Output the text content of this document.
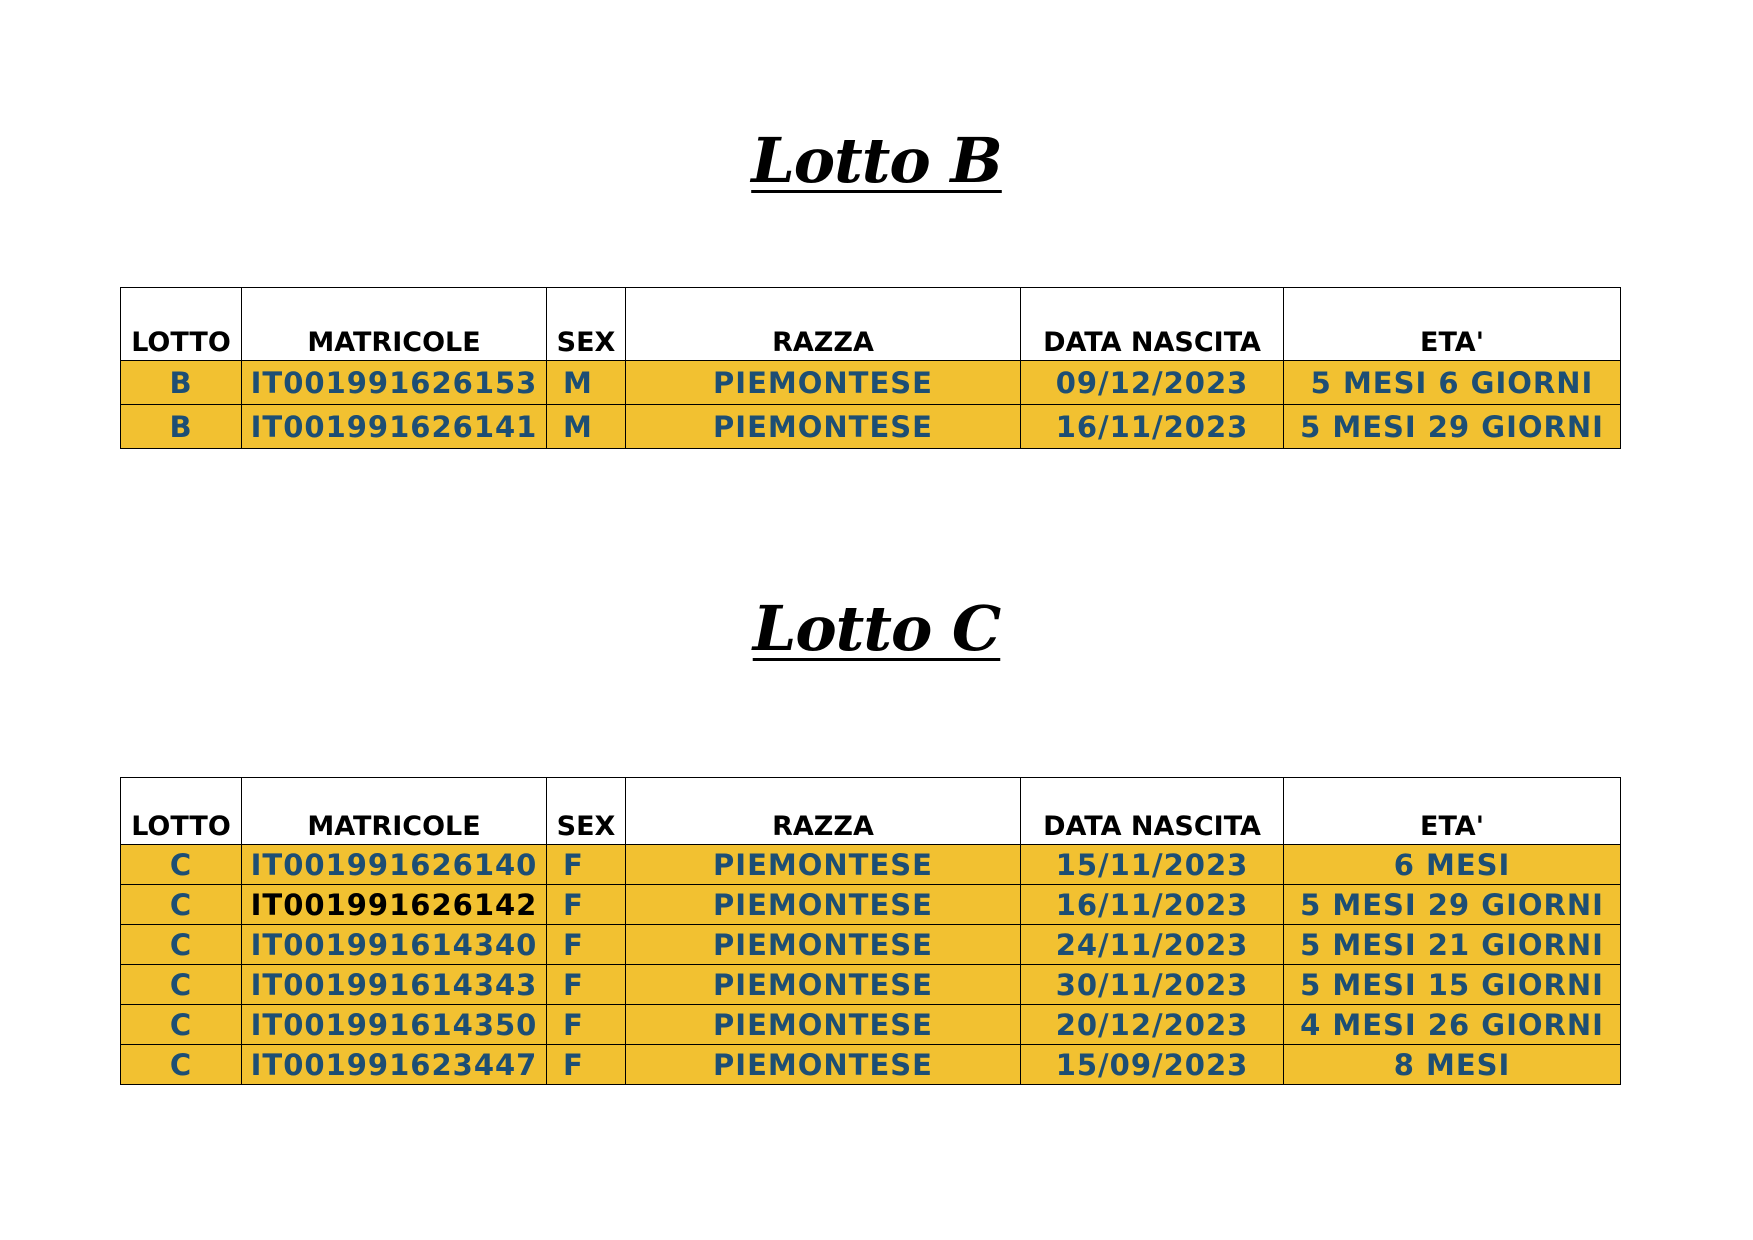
Lotto B
LOTTO	MATRICOLE	SEX	RAZZA	DATA NASCITA	ETA'
B	IT001991626153	M	PIEMONTESE	09/12/2023	5 MESI 6 GIORNI
B	IT001991626141	M	PIEMONTESE	16/11/2023	5 MESI 29 GIORNI
Lotto C
LOTTO	MATRICOLE	SEX	RAZZA	DATA NASCITA	ETA'
C	IT001991626140	F	PIEMONTESE	15/11/2023	6 MESI
C	IT001991626142	F	PIEMONTESE	16/11/2023	5 MESI 29 GIORNI
C	IT001991614340	F	PIEMONTESE	24/11/2023	5 MESI 21 GIORNI
C	IT001991614343	F	PIEMONTESE	30/11/2023	5 MESI 15 GIORNI
C	IT001991614350	F	PIEMONTESE	20/12/2023	4 MESI 26 GIORNI
C	IT001991623447	F	PIEMONTESE	15/09/2023	8 MESI
